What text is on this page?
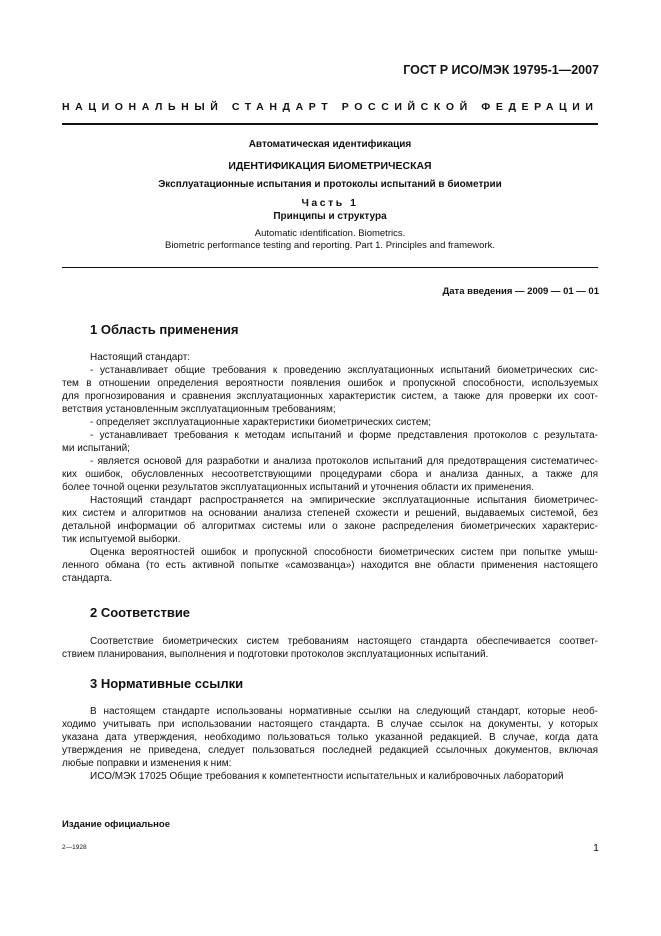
ГОСТ Р ИСО/МЭК 19795-1—2007
НАЦИОНАЛЬНЫЙ СТАНДАРТ РОССИЙСКОЙ ФЕДЕРАЦИИ
Автоматическая идентификация
ИДЕНТИФИКАЦИЯ БИОМЕТРИЧЕСКАЯ
Эксплуатационные испытания и протоколы испытаний в биометрии
Часть 1
Принципы и структура
Automatic ıdentification. Biometrics.
Biometric performance testing and reporting. Part 1. Principles and framework.
Дата введения — 2009 — 01 — 01
1 Область применения
Настоящий стандарт:
- устанавливает общие требования к проведению эксплуатационных испытаний биометрических сис-
тем в отношении определения вероятности появления ошибок и пропускной способности, используемых
для прогнозирования и сравнения эксплуатационных характеристик систем, а также для проверки их соот-
ветствия установленным эксплуатационным требованиям;
- определяет эксплуатационные характеристики биометрических систем;
- устанавливает требования к методам испытаний и форме представления протоколов с результата-
ми испытаний;
- является основой для разработки и анализа протоколов испытаний для предотвращения систематичес-
ких ошибок, обусловленных несоответствующими процедурами сбора и анализа данных, а также для
более точной оценки результатов эксплуатационных испытаний и уточнения области их применения.
Настоящий стандарт распространяется на эмпирические эксплуатационные испытания биометричес-
ких систем и алгоритмов на основании анализа степеней схожести и решений, выдаваемых системой, без
детальной информации об алгоритмах системы или о законе распределения биометрических характерис-
тик испытуемой выборки.
Оценка вероятностей ошибок и пропускной способности биометрических систем при попытке умыш-
ленного обмана (то есть активной попытке «самозванца») находится вне области применения настоящего
стандарта.
2 Соответствие
Соответствие биометрических систем требованиям настоящего стандарта обеспечивается соответ-
ствием планирования, выполнения и подготовки протоколов эксплуатационных испытаний.
3 Нормативные ссылки
В настоящем стандарте использованы нормативные ссылки на следующий стандарт, которые необ-
ходимо учитывать при использовании настоящего стандарта. В случае ссылок на документы, у которых
указана дата утверждения, необходимо пользоваться только указанной редакцией. В случае, когда дата
утверждения не приведена, следует пользоваться последней редакцией ссылочных документов, включая
любые поправки и изменения к ним:
ИСО/МЭК 17025 Общие требования к компетентности испытательных и калибровочных лабораторий
Издание официальное
2—1928	1
